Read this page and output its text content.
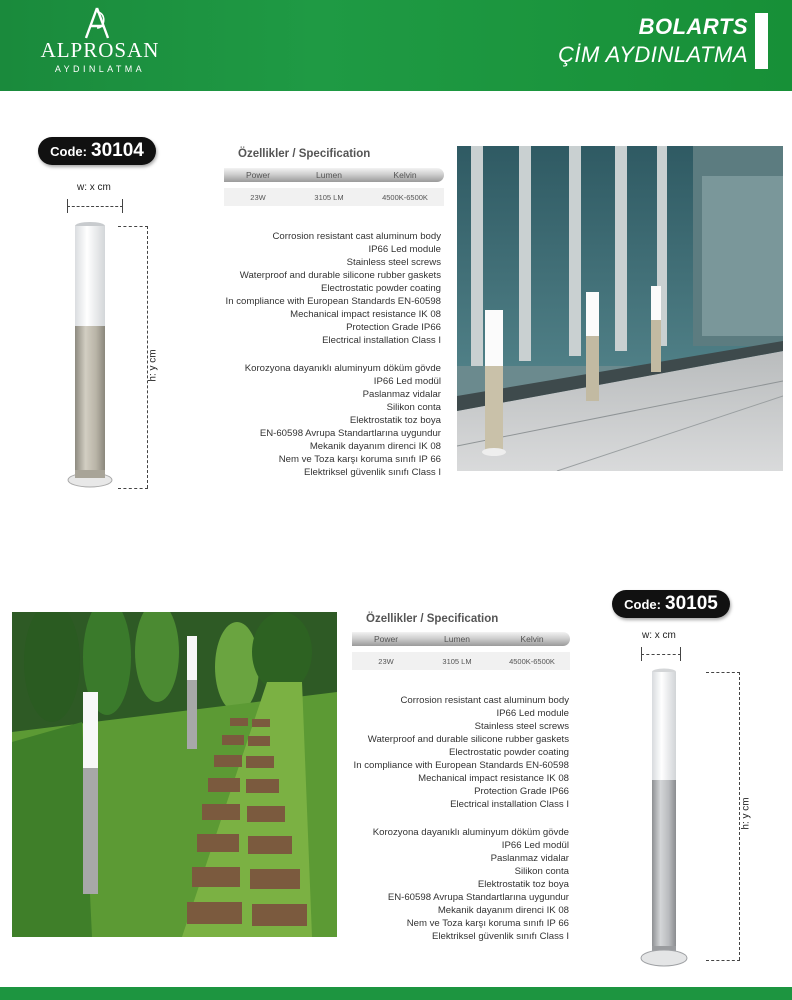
ALPROSAN
AYDINLATMA
BOLARTS
ÇİM AYDINLATMA
Code: 30104
w: x cm
h: y cm
Özellikler / Specification
Power	Lumen	Kelvin
23W	3105 LM	4500K-6500K
Corrosion resistant cast aluminum body
IP66 Led module
Stainless steel screws
Waterproof and durable silicone rubber gaskets
Electrostatic powder coating
In compliance with European Standards EN-60598
Mechanical impact resistance IK 08
Protection Grade IP66
Electrical installation Class I
Korozyona dayanıklı aluminyum döküm gövde
IP66 Led modül
Paslanmaz vidalar
Silikon conta
Elektrostatik toz boya
EN-60598 Avrupa Standartlarına uygundur
Mekanik dayanım direnci IK 08
Nem ve Toza karşı koruma sınıfı IP 66
Elektriksel güvenlik sınıfı Class I
Özellikler / Specification
Power	Lumen	Kelvin
23W	3105 LM	4500K-6500K
Corrosion resistant cast aluminum body
IP66 Led module
Stainless steel screws
Waterproof and durable silicone rubber gaskets
Electrostatic powder coating
In compliance with European Standards EN-60598
Mechanical impact resistance IK 08
Protection Grade IP66
Electrical installation Class I
Korozyona dayanıklı aluminyum döküm gövde
IP66 Led modül
Paslanmaz vidalar
Silikon conta
Elektrostatik toz boya
EN-60598 Avrupa Standartlarına uygundur
Mekanik dayanım direnci IK 08
Nem ve Toza karşı koruma sınıfı IP 66
Elektriksel güvenlik sınıfı Class I
Code: 30105
w: x cm
h: y cm
